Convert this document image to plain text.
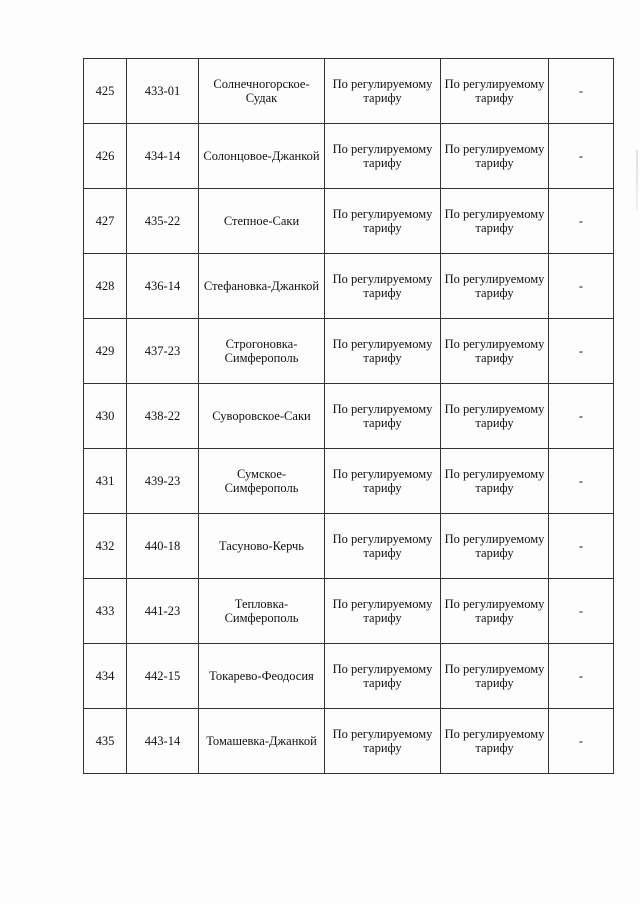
425	433-01	Солнечногорское-Судак	По регулируемому тарифу	По регулируемому тарифу	-
426	434-14	Солонцовое-Джанкой	По регулируемому тарифу	По регулируемому тарифу	-
427	435-22	Степное-Саки	По регулируемому тарифу	По регулируемому тарифу	-
428	436-14	Стефановка-Джанкой	По регулируемому тарифу	По регулируемому тарифу	-
429	437-23	Строгоновка-Симферополь	По регулируемому тарифу	По регулируемому тарифу	-
430	438-22	Суворовское-Саки	По регулируемому тарифу	По регулируемому тарифу	-
431	439-23	Сумское-Симферополь	По регулируемому тарифу	По регулируемому тарифу	-
432	440-18	Тасуново-Керчь	По регулируемому тарифу	По регулируемому тарифу	-
433	441-23	Тепловка-Симферополь	По регулируемому тарифу	По регулируемому тарифу	-
434	442-15	Токарево-Феодосия	По регулируемому тарифу	По регулируемому тарифу	-
435	443-14	Томашевка-Джанкой	По регулируемому тарифу	По регулируемому тарифу	-
